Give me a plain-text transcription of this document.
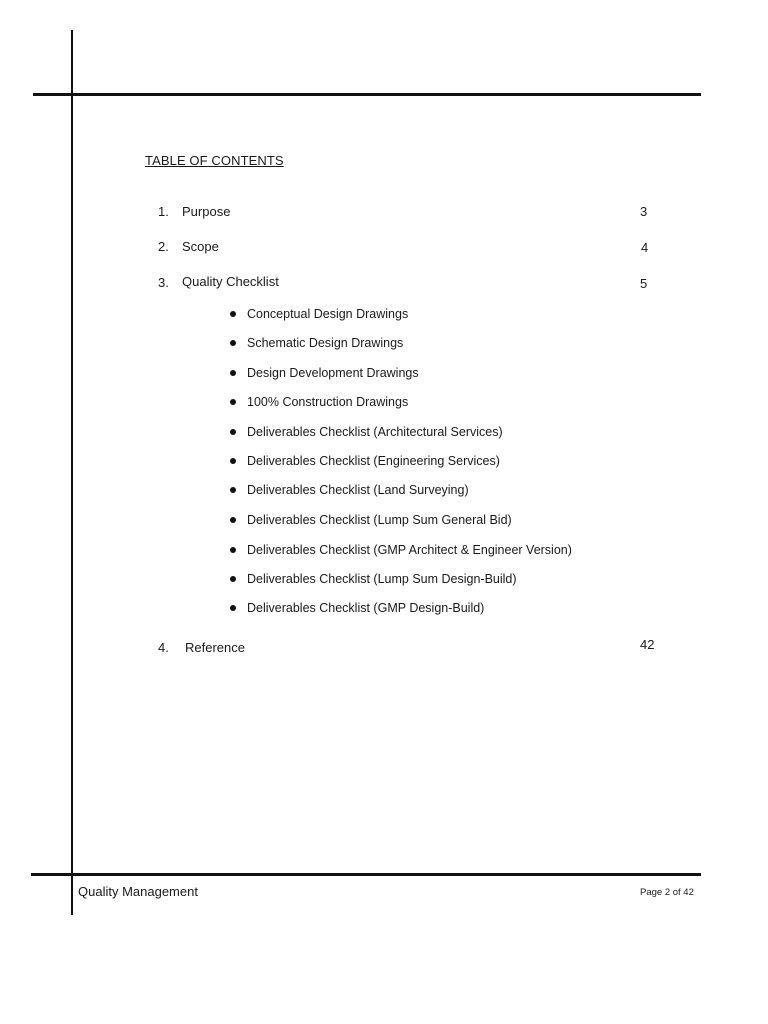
TABLE OF CONTENTS
1. Purpose	3
2. Scope	4
3. Quality Checklist	5
Conceptual Design Drawings
Schematic Design Drawings
Design Development Drawings
100% Construction Drawings
Deliverables Checklist (Architectural Services)
Deliverables Checklist (Engineering Services)
Deliverables Checklist (Land Surveying)
Deliverables Checklist (Lump Sum General Bid)
Deliverables Checklist (GMP Architect & Engineer Version)
Deliverables Checklist (Lump Sum Design-Build)
Deliverables Checklist (GMP Design-Build)
4. Reference	42
Quality Management	Page 2 of 42
